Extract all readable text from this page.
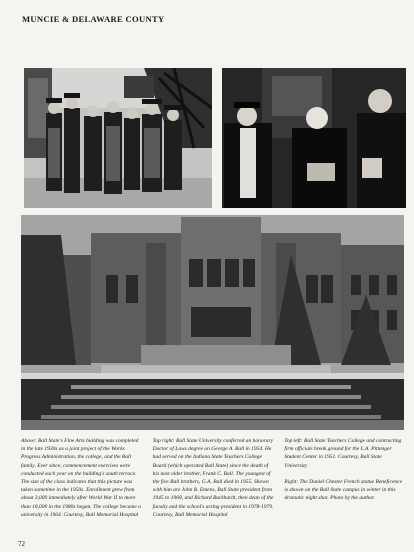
MUNCIE & DELAWARE COUNTY

Above: Ball State's Fine Arts building was completed in the late 1930s as a joint project of the Works Progress Administration, the college, and the Ball family. Ever since, commencement exercises were conducted each year on the building's south terrace. The size of the class indicates that this picture was taken sometime in the 1950s. Enrollment grew from about 3,000 immediately after World War II to more than 18,000 in the 1980s began. The college became a university in 1964. Courtesy, Ball Memorial Hospital

Top right: Ball State University conferred an honorary Doctor of Laws degree on George A. Ball in 1954. He had served on the Indiana State Teachers College Board (which operated Ball State) since the death of his next older brother, Frank C. Ball. The youngest of the five Ball brothers, G.A. Ball died in 1955. Shown with him are John R. Emens, Ball State president from 1945 to 1968, and Richard Burkhardt, then dean of the faculty and the school's acting president in 1978-1979. Courtesy, Ball Memorial Hospital

Top left: Ball State Teachers College and contracting firm officials break ground for the L.A. Pittenger Student Center in 1951. Courtesy, Ball State University

Right: The Daniel Chester French statue Beneficence is shown on the Ball State campus in winter in this dramatic night shot. Photo by the author.

72
